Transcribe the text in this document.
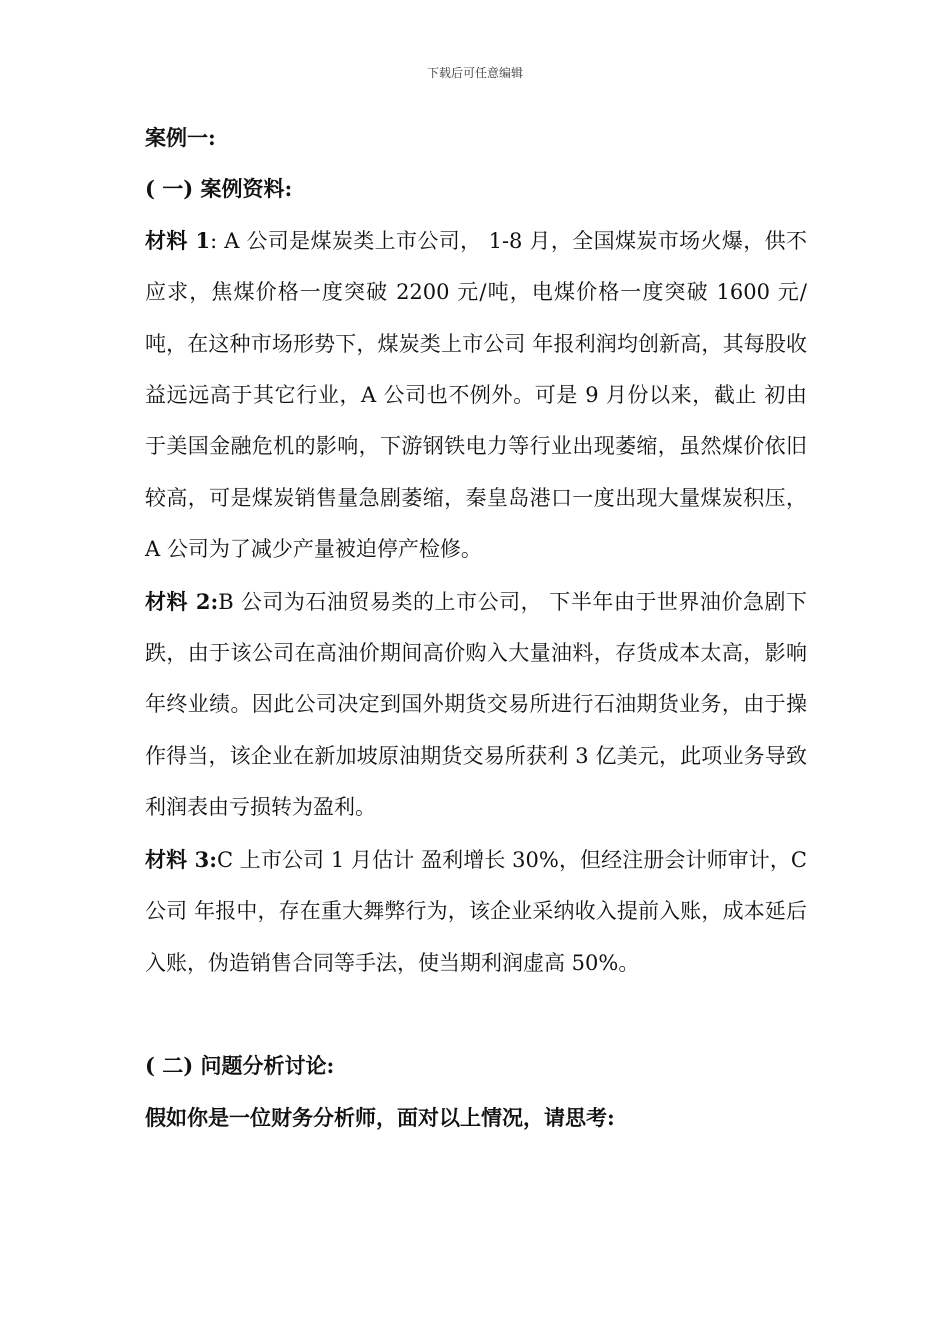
下载后可任意编辑

案例一:

( 一) 案例资料:

材料 1: A 公司是煤炭类上市公司， 1-8 月，全国煤炭市场火爆，供不应求，焦煤价格一度突破 2200 元/吨，电煤价格一度突破 1600 元/吨，在这种市场形势下，煤炭类上市公司 年报利润均创新高，其每股收益远远高于其它行业，A 公司也不例外。可是 9 月份以来，截止 初由于美国金融危机的影响，下游钢铁电力等行业出现萎缩，虽然煤价依旧较高，可是煤炭销售量急剧萎缩，秦皇岛港口一度出现大量煤炭积压，A 公司为了减少产量被迫停产检修。

材料 2:B 公司为石油贸易类的上市公司， 下半年由于世界油价急剧下跌，由于该公司在高油价期间高价购入大量油料，存货成本太高，影响年终业绩。因此公司决定到国外期货交易所进行石油期货业务，由于操作得当，该企业在新加坡原油期货交易所获利 3 亿美元，此项业务导致 利润表由亏损转为盈利。

材料 3:C 上市公司 1 月估计 盈利增长 30%，但经注册会计师审计，C 公司 年报中，存在重大舞弊行为，该企业采纳收入提前入账，成本延后入账，伪造销售合同等手法，使当期利润虚高 50%。

( 二) 问题分析讨论:

假如你是一位财务分析师，面对以上情况，请思考:
